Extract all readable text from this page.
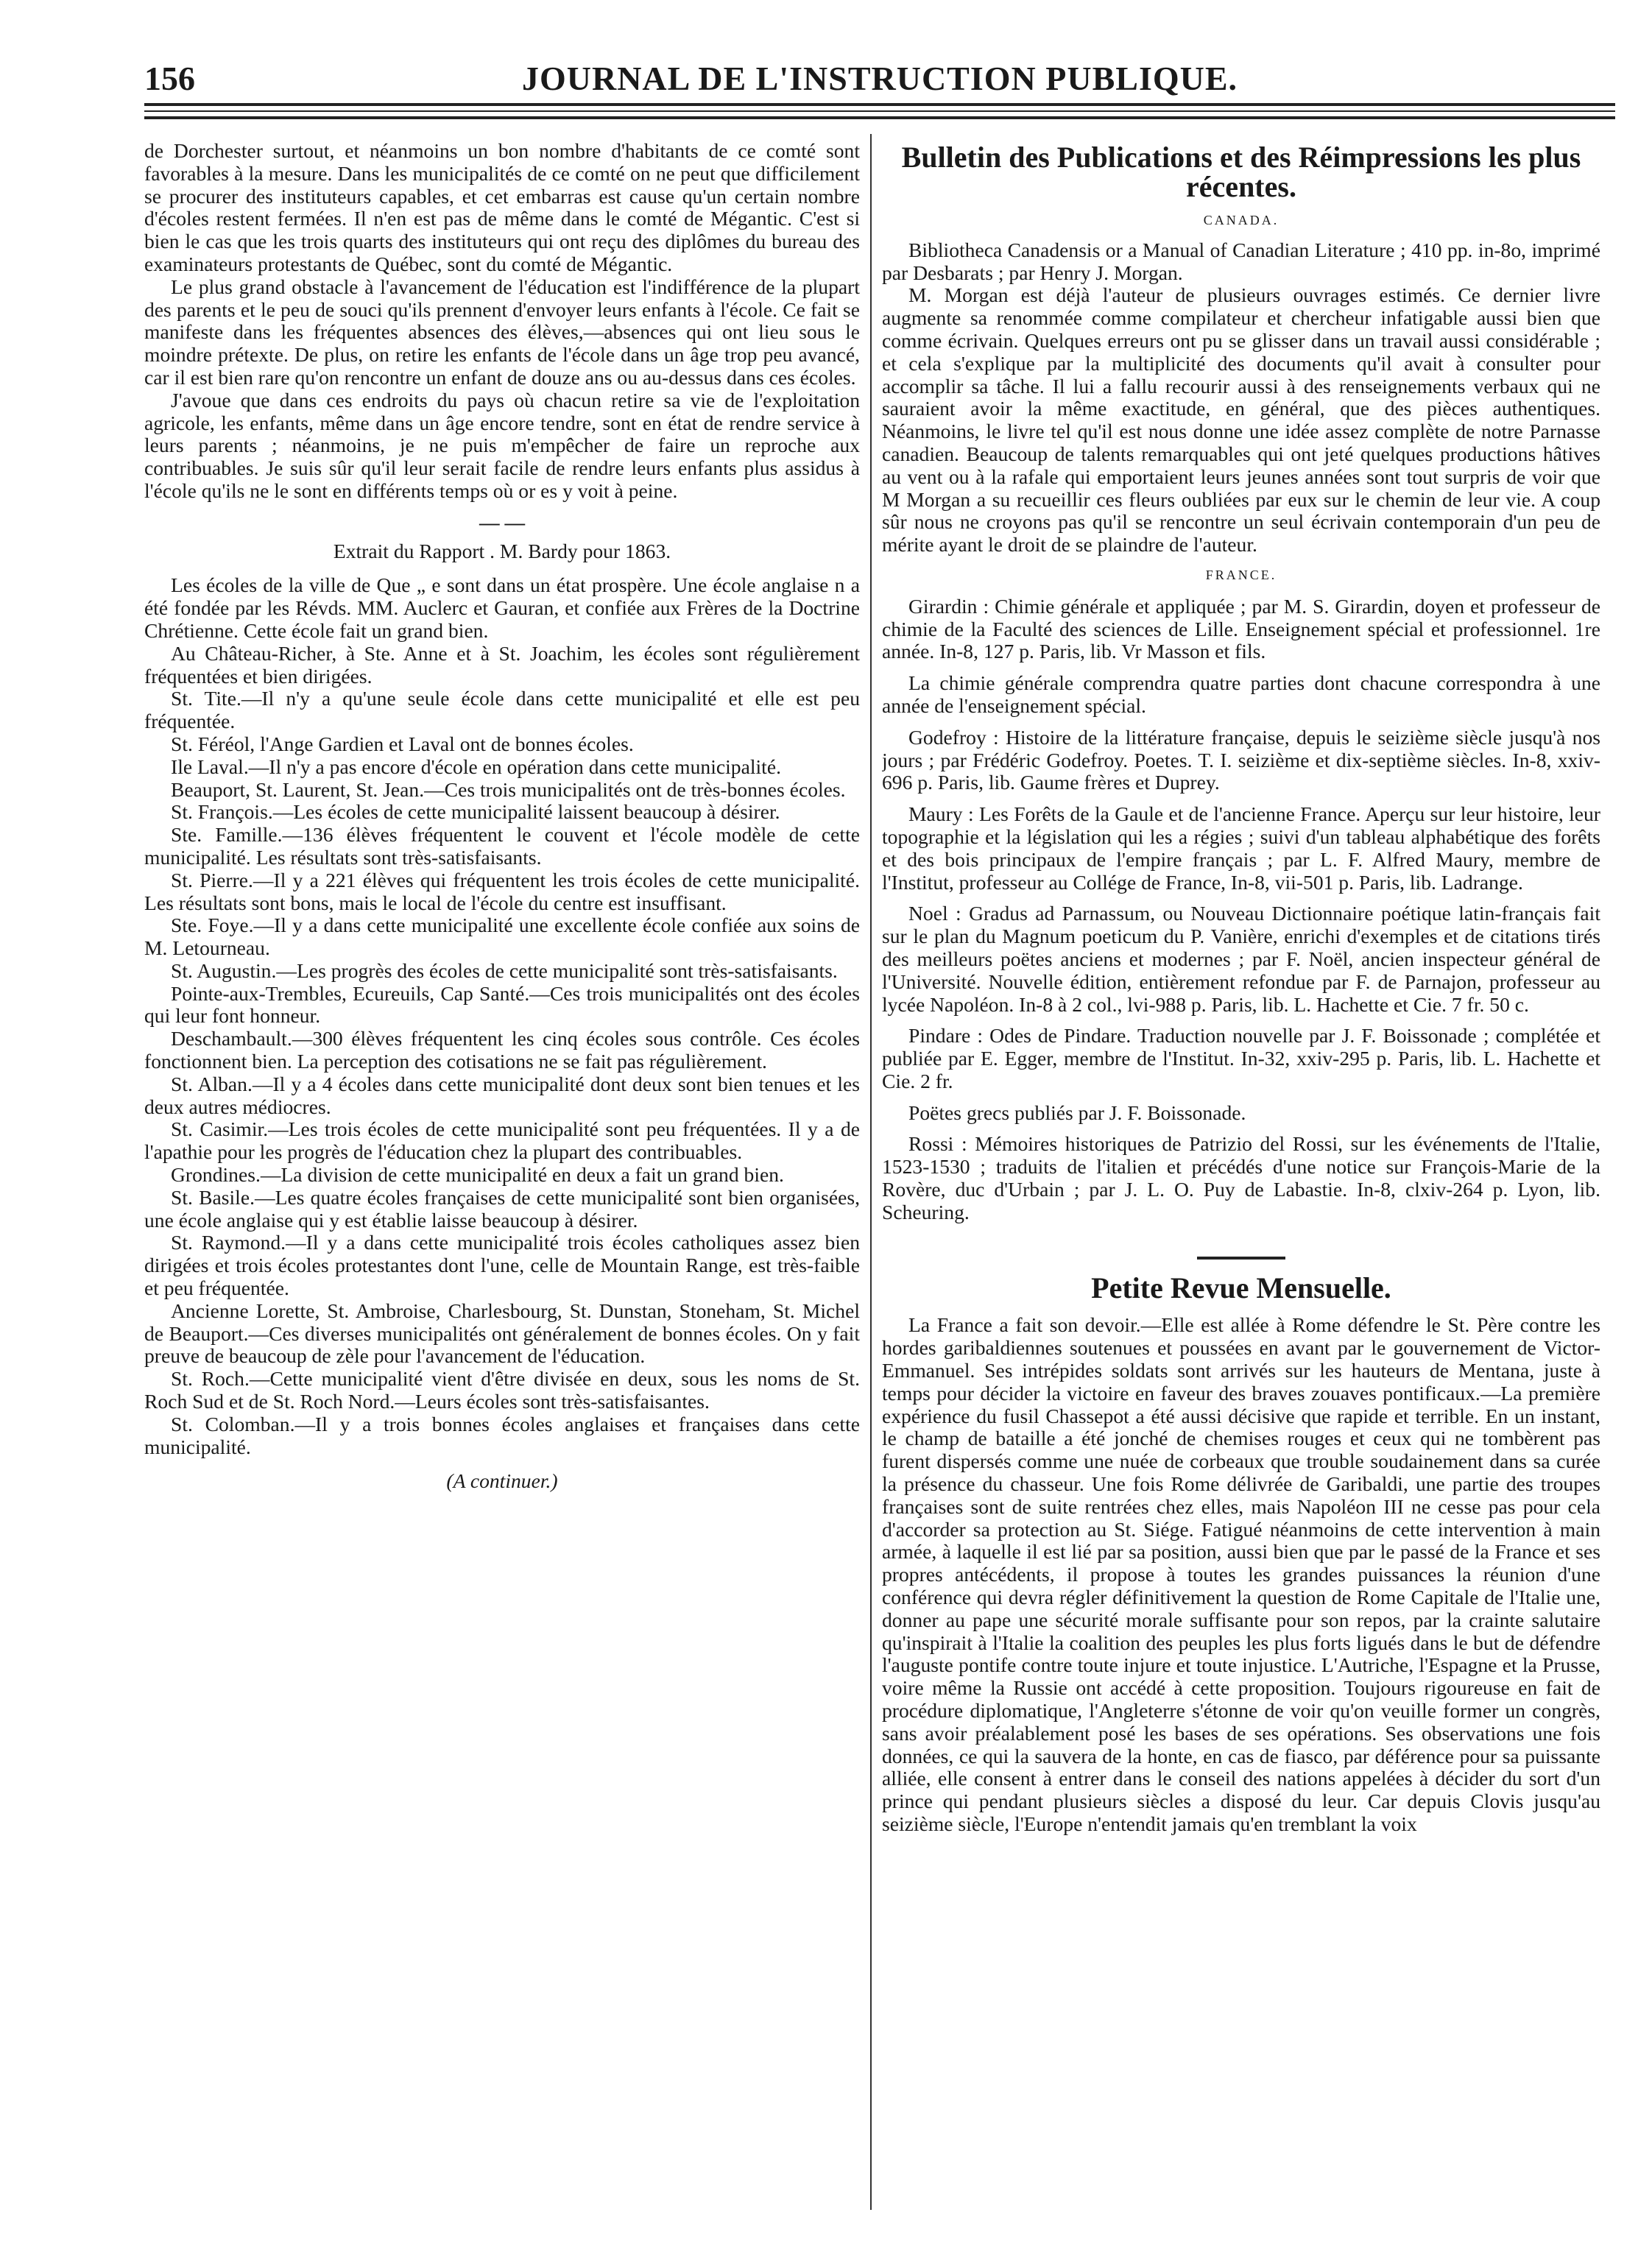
156	JOURNAL DE L'INSTRUCTION PUBLIQUE.

de Dorchester surtout, et néanmoins un bon nombre d'habitants de ce comté sont favorables à la mesure. Dans les municipalités de ce comté on ne peut que difficilement se procurer des instituteurs capables, et cet embarras est cause qu'un certain nombre d'écoles restent fermées. Il n'en est pas de même dans le comté de Mégantic. C'est si bien le cas que les trois quarts des instituteurs qui ont reçu des diplômes du bureau des examinateurs protestants de Québec, sont du comté de Mégantic.

Le plus grand obstacle à l'avancement de l'éducation est l'indifférence de la plupart des parents et le peu de souci qu'ils prennent d'envoyer leurs enfants à l'école. Ce fait se manifeste dans les fréquentes absences des élèves,—absences qui ont lieu sous le moindre prétexte. De plus, on retire les enfants de l'école dans un âge trop peu avancé, car il est bien rare qu'on rencontre un enfant de douze ans ou au-dessus dans ces écoles.

J'avoue que dans ces endroits du pays où chacun retire sa vie de l'exploitation agricole, les enfants, même dans un âge encore tendre, sont en état de rendre service à leurs parents ; néanmoins, je ne puis m'empêcher de faire un reproche aux contribuables. Je suis sûr qu'il leur serait facile de rendre leurs enfants plus assidus à l'école qu'ils ne le sont en différents temps où or es y voit à peine.

— —
Extrait du Rapport . M. Bardy pour 1863.

Les écoles de la ville de Que „ e sont dans un état prospère. Une école anglaise n a été fondée par les Révds. MM. Auclerc et Gauran, et confiée aux Frères de la Doctrine Chrétienne. Cette école fait un grand bien.

Au Château-Richer, à Ste. Anne et à St. Joachim, les écoles sont régulièrement fréquentées et bien dirigées.

St. Tite.—Il n'y a qu'une seule école dans cette municipalité et elle est peu fréquentée.

St. Féréol, l'Ange Gardien et Laval ont de bonnes écoles.

Ile Laval.—Il n'y a pas encore d'école en opération dans cette municipalité.

Beauport, St. Laurent, St. Jean.—Ces trois municipalités ont de très-bonnes écoles.

St. François.—Les écoles de cette municipalité laissent beaucoup à désirer.

Ste. Famille.—136 élèves fréquentent le couvent et l'école modèle de cette municipalité. Les résultats sont très-satisfaisants.

St. Pierre.—Il y a 221 élèves qui fréquentent les trois écoles de cette municipalité. Les résultats sont bons, mais le local de l'école du centre est insuffisant.

Ste. Foye.—Il y a dans cette municipalité une excellente école confiée aux soins de M. Letourneau.

St. Augustin.—Les progrès des écoles de cette municipalité sont très-satisfaisants.

Pointe-aux-Trembles, Ecureuils, Cap Santé.—Ces trois municipalités ont des écoles qui leur font honneur.

Deschambault.—300 élèves fréquentent les cinq écoles sous contrôle. Ces écoles fonctionnent bien. La perception des cotisations ne se fait pas régulièrement.

St. Alban.—Il y a 4 écoles dans cette municipalité dont deux sont bien tenues et les deux autres médiocres.

St. Casimir.—Les trois écoles de cette municipalité sont peu fréquentées. Il y a de l'apathie pour les progrès de l'éducation chez la plupart des contribuables.

Grondines.—La division de cette municipalité en deux a fait un grand bien.

St. Basile.—Les quatre écoles françaises de cette municipalité sont bien organisées, une école anglaise qui y est établie laisse beaucoup à désirer.

St. Raymond.—Il y a dans cette municipalité trois écoles catholiques assez bien dirigées et trois écoles protestantes dont l'une, celle de Mountain Range, est très-faible et peu fréquentée.

Ancienne Lorette, St. Ambroise, Charlesbourg, St. Dunstan, Stoneham, St. Michel de Beauport.—Ces diverses municipalités ont généralement de bonnes écoles. On y fait preuve de beaucoup de zèle pour l'avancement de l'éducation.

St. Roch.—Cette municipalité vient d'être divisée en deux, sous les noms de St. Roch Sud et de St. Roch Nord.—Leurs écoles sont très-satisfaisantes.

St. Colomban.—Il y a trois bonnes écoles anglaises et françaises dans cette municipalité.

(A continuer.)
Bulletin des Publications et des Réimpressions les plus récentes.
CANADA.

Bibliotheca Canadensis or a Manual of Canadian Literature ; 410 pp. in-8o, imprimé par Desbarats ; par Henry J. Morgan.

M. Morgan est déjà l'auteur de plusieurs ouvrages estimés. Ce dernier livre augmente sa renommée comme compilateur et chercheur infatigable aussi bien que comme écrivain. Quelques erreurs ont pu se glisser dans un travail aussi considérable ; et cela s'explique par la multiplicité des documents qu'il avait à consulter pour accomplir sa tâche. Il lui a fallu recourir aussi à des renseignements verbaux qui ne sauraient avoir la même exactitude, en général, que des pièces authentiques. Néanmoins, le livre tel qu'il est nous donne une idée assez complète de notre Parnasse canadien. Beaucoup de talents remarquables qui ont jeté quelques productions hâtives au vent ou à la rafale qui emportaient leurs jeunes années sont tout surpris de voir que M Morgan a su recueillir ces fleurs oubliées par eux sur le chemin de leur vie. A coup sûr nous ne croyons pas qu'il se rencontre un seul écrivain contemporain d'un peu de mérite ayant le droit de se plaindre de l'auteur.

FRANCE.

Girardin : Chimie générale et appliquée ; par M. S. Girardin, doyen et professeur de chimie de la Faculté des sciences de Lille. Enseignement spécial et professionnel. 1re année. In-8, 127 p. Paris, lib. Vr Masson et fils.

La chimie générale comprendra quatre parties dont chacune correspondra à une année de l'enseignement spécial.

Godefroy : Histoire de la littérature française, depuis le seizième siècle jusqu'à nos jours ; par Frédéric Godefroy. Poetes. T. I. seizième et dix-septième siècles. In-8, xxiv-696 p. Paris, lib. Gaume frères et Duprey.

Maury : Les Forêts de la Gaule et de l'ancienne France. Aperçu sur leur histoire, leur topographie et la législation qui les a régies ; suivi d'un tableau alphabétique des forêts et des bois principaux de l'empire français ; par L. F. Alfred Maury, membre de l'Institut, professeur au Collége de France, In-8, vii-501 p. Paris, lib. Ladrange.

Noel : Gradus ad Parnassum, ou Nouveau Dictionnaire poétique latin-français fait sur le plan du Magnum poeticum du P. Vanière, enrichi d'exemples et de citations tirés des meilleurs poëtes anciens et modernes ; par F. Noël, ancien inspecteur général de l'Université. Nouvelle édition, entièrement refondue par F. de Parnajon, professeur au lycée Napoléon. In-8 à 2 col., lvi-988 p. Paris, lib. L. Hachette et Cie. 7 fr. 50 c.

Pindare : Odes de Pindare. Traduction nouvelle par J. F. Boissonade ; complétée et publiée par E. Egger, membre de l'Institut. In-32, xxiv-295 p. Paris, lib. L. Hachette et Cie. 2 fr.

Poëtes grecs publiés par J. F. Boissonade.

Rossi : Mémoires historiques de Patrizio del Rossi, sur les événements de l'Italie, 1523-1530 ; traduits de l'italien et précédés d'une notice sur François-Marie de la Rovère, duc d'Urbain ; par J. L. O. Puy de Labastie. In-8, clxiv-264 p. Lyon, lib. Scheuring.

Petite Revue Mensuelle.

La France a fait son devoir.—Elle est allée à Rome défendre le St. Père contre les hordes garibaldiennes soutenues et poussées en avant par le gouvernement de Victor-Emmanuel. Ses intrépides soldats sont arrivés sur les hauteurs de Mentana, juste à temps pour décider la victoire en faveur des braves zouaves pontificaux.—La première expérience du fusil Chassepot a été aussi décisive que rapide et terrible. En un instant, le champ de bataille a été jonché de chemises rouges et ceux qui ne tombèrent pas furent dispersés comme une nuée de corbeaux que trouble soudainement dans sa curée la présence du chasseur. Une fois Rome délivrée de Garibaldi, une partie des troupes françaises sont de suite rentrées chez elles, mais Napoléon III ne cesse pas pour cela d'accorder sa protection au St. Siége. Fatigué néanmoins de cette intervention à main armée, à laquelle il est lié par sa position, aussi bien que par le passé de la France et ses propres antécédents, il propose à toutes les grandes puissances la réunion d'une conférence qui devra régler définitivement la question de Rome Capitale de l'Italie une, donner au pape une sécurité morale suffisante pour son repos, par la crainte salutaire qu'inspirait à l'Italie la coalition des peuples les plus forts ligués dans le but de défendre l'auguste pontife contre toute injure et toute injustice. L'Autriche, l'Espagne et la Prusse, voire même la Russie ont accédé à cette proposition. Toujours rigoureuse en fait de procédure diplomatique, l'Angleterre s'étonne de voir qu'on veuille former un congrès, sans avoir préalablement posé les bases de ses opérations. Ses observations une fois données, ce qui la sauvera de la honte, en cas de fiasco, par déférence pour sa puissante alliée, elle consent à entrer dans le conseil des nations appelées à décider du sort d'un prince qui pendant plusieurs siècles a disposé du leur. Car depuis Clovis jusqu'au seizième siècle, l'Europe n'entendit jamais qu'en tremblant la voix
